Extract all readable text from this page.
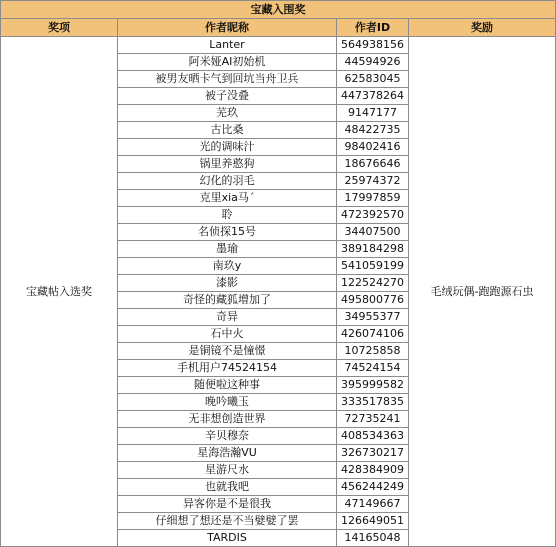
宝藏入围奖			
奖项	作者昵称	作者ID	奖励
宝藏帖入选奖	Lanter	564938156	毛绒玩偶-跑跑源石虫
	阿米娅AI初始机	44594926	
	被男友晒卡气到回坑当舟卫兵	62583045	
	被子没叠	447378264	
	芜玖	9147177	
	古比桑	48422735	
	光的调味汁	98402416	
	锅里养憨狗	18676646	
	幻化的羽毛	25974372	
	克里xia马ˊ	17997859	
	聆	472392570	
	名侦探15号	34407500	
	墨瑜	389184298	
	南玖y	541059199	
	漆影	122524270	
	奇怪的藏狐增加了	495800776	
	奇异	34955377	
	石中火	426074106	
	是铜镜不是憧憬	10725858	
	手机用户74524154	74524154	
	随便啦这种事	395999582	
	晚吟曦玉	333517835	
	无非想创造世界	72735241	
	辛贝穆奈	408534363	
	星海浩瀚VU	326730217	
	星游尺水	428384909	
	也就我吧	456244249	
	异客你是不是很我	47149667	
	仔细想了想还是不当嬖嬖了罢	126649051	
	TARDIS	14165048	
